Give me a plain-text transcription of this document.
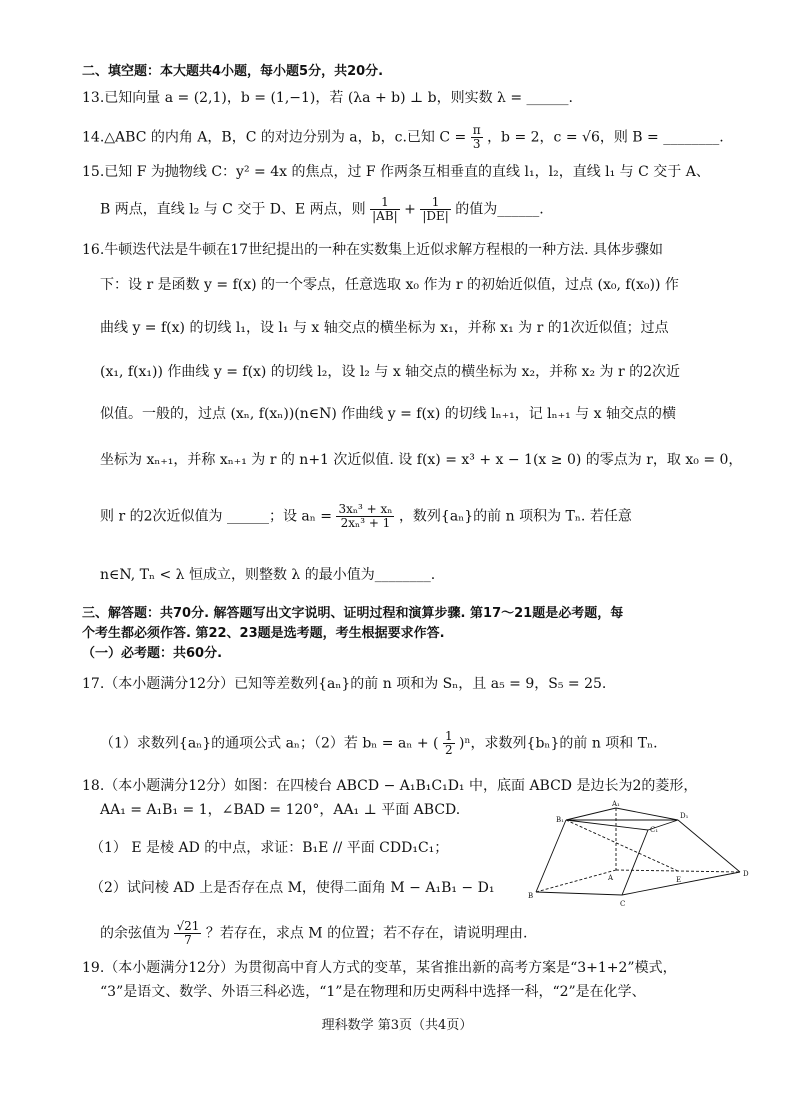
二、填空题：本大题共4小题，每小题5分，共20分.
13.已知向量 a = (2,1)，b = (1,−1)，若 (λa + b) ⊥ b，则实数 λ = ______.
14.△ABC 的内角 A，B，C 的对边分别为 a，b，c.已知 $C = \frac{\pi}{3}$ ，b = 2，c = √6，则 B = ________.
15.已知 F 为抛物线 C：y² = 4x 的焦点，过 F 作两条互相垂直的直线 l₁，l₂，直线 l₁ 与 C 交于 A、
B 两点，直线 l₂ 与 C 交于 D、E 两点，则 $\frac{1}{|AB|} + \frac{1}{|DE|}$ 的值为______.
16.牛顿迭代法是牛顿在17世纪提出的一种在实数集上近似求解方程根的一种方法. 具体步骤如
下：设 r 是函数 y = f(x) 的一个零点，任意选取 x₀ 作为 r 的初始近似值，过点 (x₀, f(x₀)) 作
曲线 y = f(x) 的切线 l₁，设 l₁ 与 x 轴交点的横坐标为 x₁，并称 x₁ 为 r 的1次近似值；过点
(x₁, f(x₁)) 作曲线 y = f(x) 的切线 l₂，设 l₂ 与 x 轴交点的横坐标为 x₂，并称 x₂ 为 r 的2次近
似值。一般的，过点 (xₙ, f(xₙ))(n∈N) 作曲线 y = f(x) 的切线 lₙ₊₁，记 lₙ₊₁ 与 x 轴交点的横
坐标为 xₙ₊₁，并称 xₙ₊₁ 为 r 的 n+1 次近似值. 设 f(x) = x³ + x − 1(x ≥ 0) 的零点为 r，取 x₀ = 0，
则 r 的2次近似值为 ______；设 $a_n = \frac{\text{3xₙ³ + xₙ}}{\text{2xₙ³ + 1}}$ ，数列{aₙ}的前 n 项积为 Tₙ. 若任意
n∈N, Tₙ < λ 恒成立，则整数 λ 的最小值为________.
三、解答题：共70分. 解答题写出文字说明、证明过程和演算步骤. 第17～21题是必考题，每
个考生都必须作答. 第22、23题是选考题，考生根据要求作答.
（一）必考题：共60分.
17.（本小题满分12分）已知等差数列{aₙ}的前 n 项和为 Sₙ，且 a₅ = 9，S₅ = 25.
（1）求数列{aₙ}的通项公式 aₙ；（2）若 bₙ = aₙ + ( $\frac{1}{2} )^n$，求数列{bₙ}的前 n 项和 Tₙ.
18.（本小题满分12分）如图：在四棱台 ABCD − A₁B₁C₁D₁ 中，底面 ABCD 是边长为2的菱形，
AA₁ = A₁B₁ = 1，∠BAD = 120°，AA₁ ⊥ 平面 ABCD.
（1） E 是棱 AD 的中点，求证：B₁E // 平面 CDD₁C₁；
（2）试问棱 AD 上是否存在点 M，使得二面角 M − A₁B₁ − D₁
的余弦值为 $\frac{√21}{7}$ ？若存在，求点 M 的位置；若不存在，请说明理由.
19.（本小题满分12分）为贯彻高中育人方式的变革，某省推出新的高考方案是“3+1+2”模式，
“3”是语文、数学、外语三科必选，“1”是在物理和历史两科中选择一科，“2”是在化学、
A₁
B₁
C₁
D₁
A
B
C
D
E
理科数学 第3页（共4页）
